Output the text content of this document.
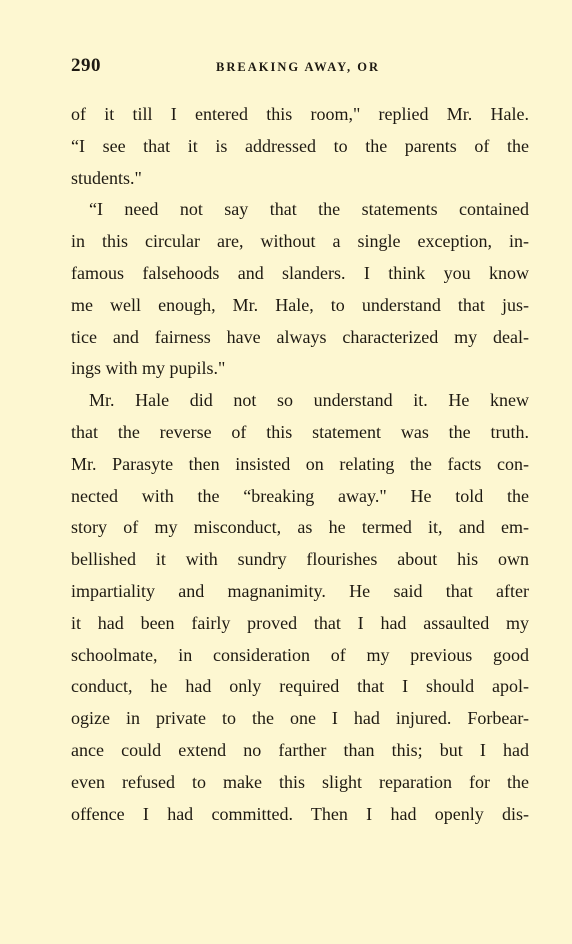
290	BREAKING AWAY, OR
of it till I entered this room," replied Mr. Hale.
“I see that it is addressed to the parents of the
students."
“I need not say that the statements contained
in this circular are, without a single exception, in-
famous falsehoods and slanders. I think you know
me well enough, Mr. Hale, to understand that jus-
tice and fairness have always characterized my deal-
ings with my pupils."
Mr. Hale did not so understand it. He knew
that the reverse of this statement was the truth.
Mr. Parasyte then insisted on relating the facts con-
nected with the “breaking away." He told the
story of my misconduct, as he termed it, and em-
bellished it with sundry flourishes about his own
impartiality and magnanimity. He said that after
it had been fairly proved that I had assaulted my
schoolmate, in consideration of my previous good
conduct, he had only required that I should apol-
ogize in private to the one I had injured. Forbear-
ance could extend no farther than this; but I had
even refused to make this slight reparation for the
offence I had committed. Then I had openly dis-
